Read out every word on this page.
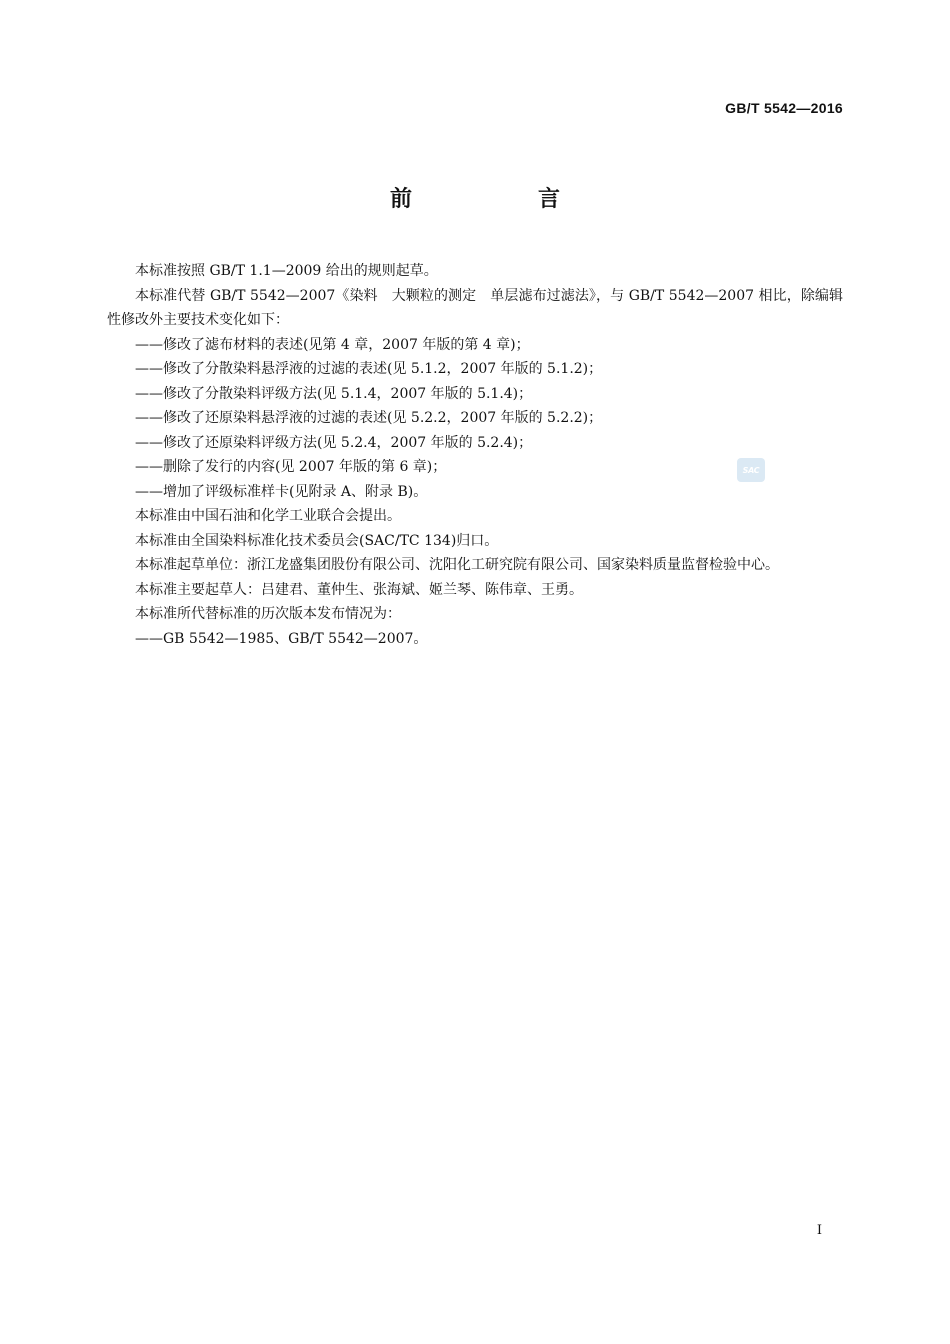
GB/T 5542—2016
前　言

本标准按照 GB/T 1.1—2009 给出的规则起草。

本标准代替 GB/T 5542—2007《染料　大颗粒的测定　单层滤布过滤法》，与 GB/T 5542—2007 相比，除编辑性修改外主要技术变化如下：

——修改了滤布材料的表述(见第 4 章，2007 年版的第 4 章)；

——修改了分散染料悬浮液的过滤的表述(见 5.1.2，2007 年版的 5.1.2)；

——修改了分散染料评级方法(见 5.1.4，2007 年版的 5.1.4)；

——修改了还原染料悬浮液的过滤的表述(见 5.2.2，2007 年版的 5.2.2)；

——修改了还原染料评级方法(见 5.2.4，2007 年版的 5.2.4)；

——删除了发行的内容(见 2007 年版的第 6 章)；

——增加了评级标准样卡(见附录 A、附录 B)。

本标准由中国石油和化学工业联合会提出。

本标准由全国染料标准化技术委员会(SAC/TC 134)归口。

本标准起草单位：浙江龙盛集团股份有限公司、沈阳化工研究院有限公司、国家染料质量监督检验中心。

本标准主要起草人：吕建君、董仲生、张海斌、姬兰琴、陈伟章、王勇。

本标准所代替标准的历次版本发布情况为：

——GB 5542—1985、GB/T 5542—2007。

SAC
I
